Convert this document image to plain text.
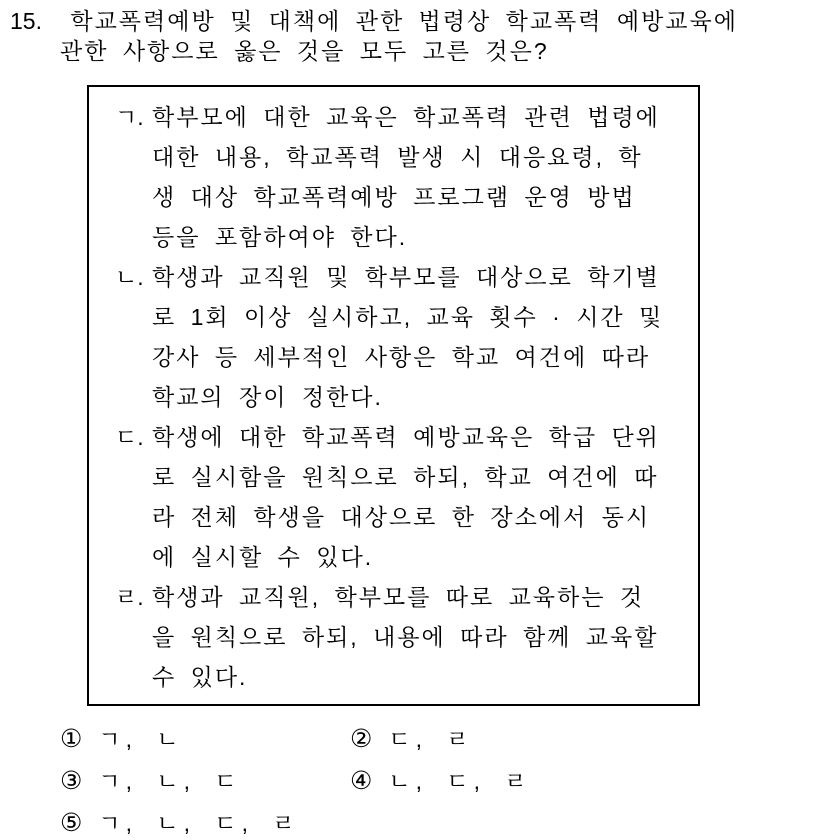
15. 학교폭력예방 및 대책에 관한 법령상 학교폭력 예방교육에
관한 사항으로 옳은 것을 모두 고른 것은?
ㄱ. 학부모에 대한 교육은 학교폭력 관련 법령에
대한 내용, 학교폭력 발생 시 대응요령, 학
생 대상 학교폭력예방 프로그램 운영 방법
등을 포함하여야 한다.
ㄴ. 학생과 교직원 및 학부모를 대상으로 학기별
로 1회 이상 실시하고, 교육 횟수 · 시간 및
강사 등 세부적인 사항은 학교 여건에 따라
학교의 장이 정한다.
ㄷ. 학생에 대한 학교폭력 예방교육은 학급 단위
로 실시함을 원칙으로 하되, 학교 여건에 따
라 전체 학생을 대상으로 한 장소에서 동시
에 실시할 수 있다.
ㄹ. 학생과 교직원, 학부모를 따로 교육하는 것
을 원칙으로 하되, 내용에 따라 함께 교육할
수 있다.
① ㄱ, ㄴ	② ㄷ, ㄹ
③ ㄱ, ㄴ, ㄷ	④ ㄴ, ㄷ, ㄹ
⑤ ㄱ, ㄴ, ㄷ, ㄹ
